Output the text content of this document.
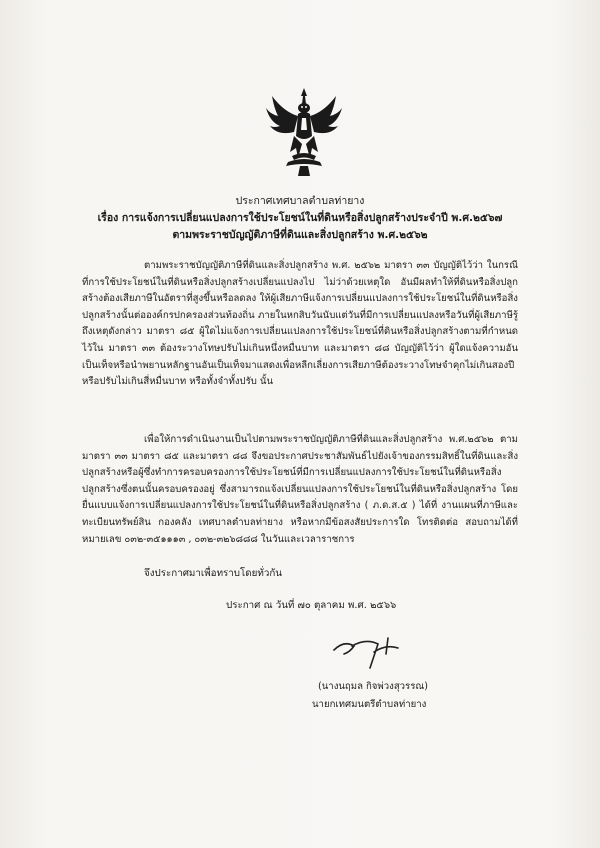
ประกาศเทศบาลตำบลท่ายาง
เรื่อง การแจ้งการเปลี่ยนแปลงการใช้ประโยชน์ในที่ดินหรือสิ่งปลูกสร้างประจำปี พ.ศ.๒๕๖๗
ตามพระราชบัญญัติภาษีที่ดินและสิ่งปลูกสร้าง พ.ศ.๒๕๖๒
ตามพระราชบัญญัติภาษีที่ดินและสิ่งปลูกสร้าง พ.ศ. ๒๕๖๒ มาตรา ๓๓ บัญญัติไว้ว่า ในกรณีที่การใช้ประโยชน์ในที่ดินหรือสิ่งปลูกสร้างเปลี่ยนแปลงไป ไม่ว่าด้วยเหตุใด อันมีผลทำให้ที่ดินหรือสิ่งปลูกสร้างต้องเสียภาษีในอัตราที่สูงขึ้นหรือลดลง ให้ผู้เสียภาษีแจ้งการเปลี่ยนแปลงการใช้ประโยชน์ในที่ดินหรือสิ่งปลูกสร้างนั้นต่อองค์กรปกครองส่วนท้องถิ่น ภายในหกสิบวันนับแต่วันที่มีการเปลี่ยนแปลงหรือวันที่ผู้เสียภาษีรู้ถึงเหตุดังกล่าว มาตรา ๘๕ ผู้ใดไม่แจ้งการเปลี่ยนแปลงการใช้ประโยชน์ที่ดินหรือสิ่งปลูกสร้างตามที่กำหนดไว้ใน มาตรา ๓๓ ต้องระวางโทษปรับไม่เกินหนึ่งหมื่นบาท และมาตรา ๘๘ บัญญัติไว้ว่า ผู้ใดแจ้งความอันเป็นเท็จหรือนำพยานหลักฐานอันเป็นเท็จมาแสดงเพื่อหลีกเลี่ยงการเสียภาษีต้องระวางโทษจำคุกไม่เกินสองปี หรือปรับไม่เกินสี่หมื่นบาท หรือทั้งจำทั้งปรับ นั้น
เพื่อให้การดำเนินงานเป็นไปตามพระราชบัญญัติภาษีที่ดินและสิ่งปลูกสร้าง พ.ศ.๒๕๖๒ ตามมาตรา ๓๓ มาตรา ๘๕ และมาตรา ๘๘ จึงขอประกาศประชาสัมพันธ์ไปยังเจ้าของกรรมสิทธิ์ในที่ดินและสิ่งปลูกสร้างหรือผู้ซึ่งทำการครอบครองการใช้ประโยชน์ที่มีการเปลี่ยนแปลงการใช้ประโยชน์ในที่ดินหรือสิ่งปลูกสร้างซึ่งตนนั้นครอบครองอยู่ ซึ่งสามารถแจ้งเปลี่ยนแปลงการใช้ประโยชน์ในที่ดินหรือสิ่งปลูกสร้าง โดยยื่นแบบแจ้งการเปลี่ยนแปลงการใช้ประโยชน์ในที่ดินหรือสิ่งปลูกสร้าง ( ภ.ด.ส.๕ ) ได้ที่ งานแผนที่ภาษีและทะเบียนทรัพย์สิน กองคลัง เทศบาลตำบลท่ายาง หรือหากมีข้อสงสัยประการใด โทรติดต่อ สอบถามได้ที่หมายเลข ๐๓๒-๓๕๑๑๑๓ , ๐๓๒-๓๒๖๘๘๘ ในวันและเวลาราชการ
จึงประกาศมาเพื่อทราบโดยทั่วกัน
ประกาศ ณ วันที่ ๗๐ ตุลาคม พ.ศ. ๒๕๖๖
(นางนฤมล กิจพ่วงสุวรรณ)
นายกเทศมนตรีตำบลท่ายาง
